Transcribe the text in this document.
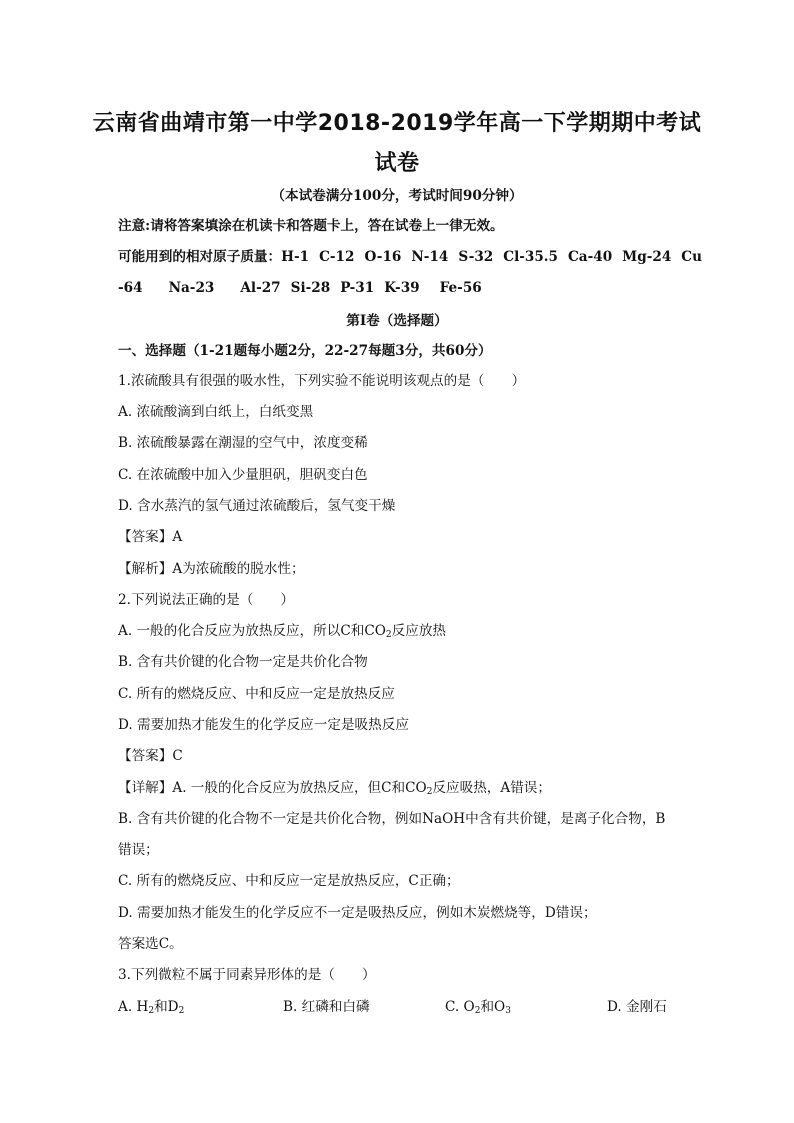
云南省曲靖市第一中学2018-2019学年高一下学期期中考试
试卷
（本试卷满分100分，考试时间90分钟）
注意:请将答案填涂在机读卡和答题卡上，答在试卷上一律无效。
可能用到的相对原子质量：H-1 C-12 O-16 N-14 S-32 Cl-35.5 Ca-40 Mg-24 Cu
-64 Na-23 Al-27 Si-28 P-31 K-39 Fe-56
第I卷（选择题）
一、选择题（1-21题每小题2分，22-27每题3分，共60分）
1.浓硫酸具有很强的吸水性，下列实验不能说明该观点的是（　　）
A. 浓硫酸滴到白纸上，白纸变黑
B. 浓硫酸暴露在潮湿的空气中，浓度变稀
C. 在浓硫酸中加入少量胆矾，胆矾变白色
D. 含水蒸汽的氢气通过浓硫酸后，氢气变干燥
【答案】A
【解析】A为浓硫酸的脱水性；
2.下列说法正确的是（　　）
A. 一般的化合反应为放热反应，所以C和$CO_2$反应放热
B. 含有共价键的化合物一定是共价化合物
C. 所有的燃烧反应、中和反应一定是放热反应
D. 需要加热才能发生的化学反应一定是吸热反应
【答案】C
【详解】A. 一般的化合反应为放热反应，但C和$CO_2$反应吸热，A错误；
B. 含有共价键的化合物不一定是共价化合物，例如NaOH中含有共价键，是离子化合物，B
错误；
C. 所有的燃烧反应、中和反应一定是放热反应，C正确；
D. 需要加热才能发生的化学反应不一定是吸热反应，例如木炭燃烧等，D错误；
答案选C。
3.下列微粒不属于同素异形体的是（　　）
A. $H_2$和$D_2$	B. 红磷和白磷	C. $O_2$和$O_3$	D. 金刚石
